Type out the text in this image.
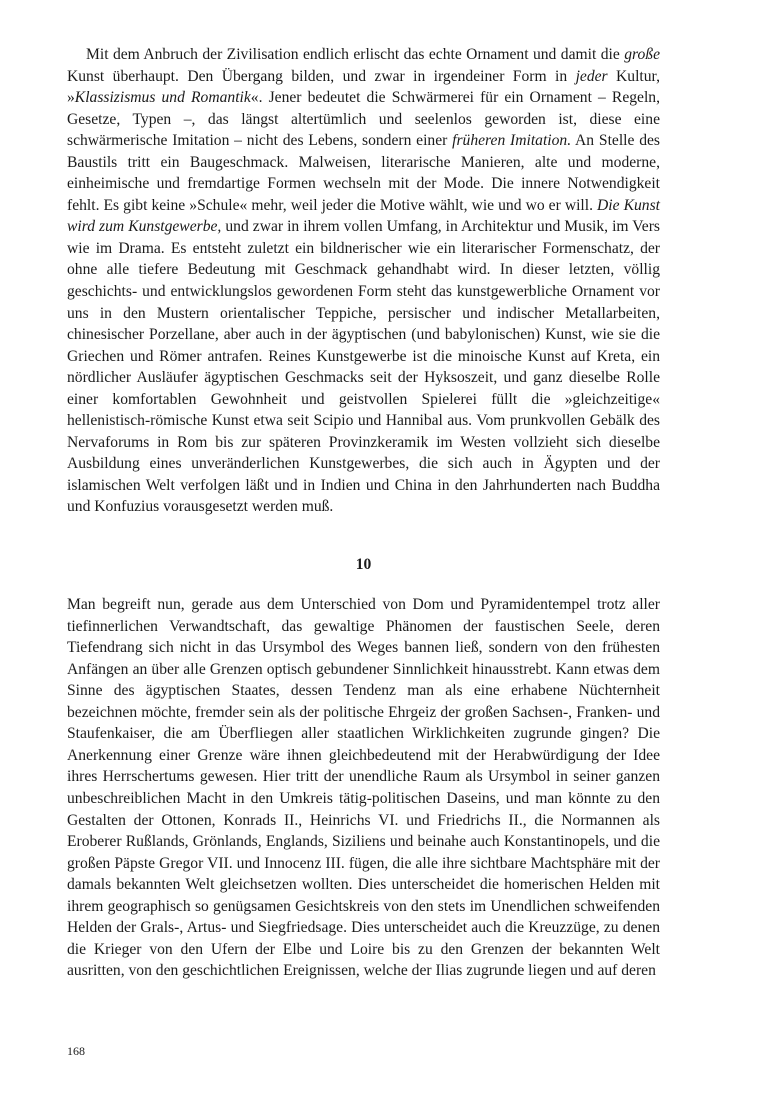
Mit dem Anbruch der Zivilisation endlich erlischt das echte Ornament und damit die große Kunst überhaupt. Den Übergang bilden, und zwar in irgendeiner Form in jeder Kultur, »Klassizismus und Romantik«. Jener bedeutet die Schwärmerei für ein Ornament – Regeln, Gesetze, Typen –, das längst altertümlich und seelenlos geworden ist, diese eine schwärmerische Imitation – nicht des Lebens, sondern einer früheren Imitation. An Stelle des Baustils tritt ein Baugeschmack. Malweisen, literarische Manieren, alte und moderne, einheimische und fremdartige Formen wechseln mit der Mode. Die innere Notwendigkeit fehlt. Es gibt keine »Schule« mehr, weil jeder die Motive wählt, wie und wo er will. Die Kunst wird zum Kunstgewerbe, und zwar in ihrem vollen Umfang, in Architektur und Musik, im Vers wie im Drama. Es entsteht zuletzt ein bildnerischer wie ein literarischer Formenschatz, der ohne alle tiefere Bedeutung mit Geschmack gehandhabt wird. In dieser letzten, völlig geschichts- und entwicklungslos gewordenen Form steht das kunstgewerbliche Ornament vor uns in den Mustern orientalischer Teppiche, persischer und indischer Metallarbeiten, chinesischer Porzellane, aber auch in der ägyptischen (und babylonischen) Kunst, wie sie die Griechen und Römer antrafen. Reines Kunstgewerbe ist die minoische Kunst auf Kreta, ein nördlicher Ausläufer ägyptischen Geschmacks seit der Hyksoszeit, und ganz dieselbe Rolle einer komfortablen Gewohnheit und geistvollen Spielerei füllt die »gleichzeitige« hellenistisch-römische Kunst etwa seit Scipio und Hannibal aus. Vom prunkvollen Gebälk des Nervaforums in Rom bis zur späteren Provinzkeramik im Westen vollzieht sich dieselbe Ausbildung eines unveränderlichen Kunstgewerbes, die sich auch in Ägypten und der islamischen Welt verfolgen läßt und in Indien und China in den Jahrhunderten nach Buddha und Konfuzius vorausgesetzt werden muß.

10

Man begreift nun, gerade aus dem Unterschied von Dom und Pyramidentempel trotz aller tiefinnerlichen Verwandtschaft, das gewaltige Phänomen der faustischen Seele, deren Tiefendrang sich nicht in das Ursymbol des Weges bannen ließ, sondern von den frühesten Anfängen an über alle Grenzen optisch gebundener Sinnlichkeit hinausstrebt. Kann etwas dem Sinne des ägyptischen Staates, dessen Tendenz man als eine erhabene Nüchternheit bezeichnen möchte, fremder sein als der politische Ehrgeiz der großen Sachsen-, Franken- und Staufenkaiser, die am Überfliegen aller staatlichen Wirklichkeiten zugrunde gingen? Die Anerkennung einer Grenze wäre ihnen gleichbedeutend mit der Herabwürdigung der Idee ihres Herrschertums gewesen. Hier tritt der unendliche Raum als Ursymbol in seiner ganzen unbeschreiblichen Macht in den Umkreis tätig-politischen Daseins, und man könnte zu den Gestalten der Ottonen, Konrads II., Heinrichs VI. und Friedrichs II., die Normannen als Eroberer Rußlands, Grönlands, Englands, Siziliens und beinahe auch Konstantinopels, und die großen Päpste Gregor VII. und Innocenz III. fügen, die alle ihre sichtbare Machtsphäre mit der damals bekannten Welt gleichsetzen wollten. Dies unterscheidet die homerischen Helden mit ihrem geographisch so genügsamen Gesichtskreis von den stets im Unendlichen schweifenden Helden der Grals-, Artus- und Siegfriedsage. Dies unterscheidet auch die Kreuzzüge, zu denen die Krieger von den Ufern der Elbe und Loire bis zu den Grenzen der bekannten Welt ausritten, von den geschichtlichen Ereignissen, welche der Ilias zugrunde liegen und auf deren

168
